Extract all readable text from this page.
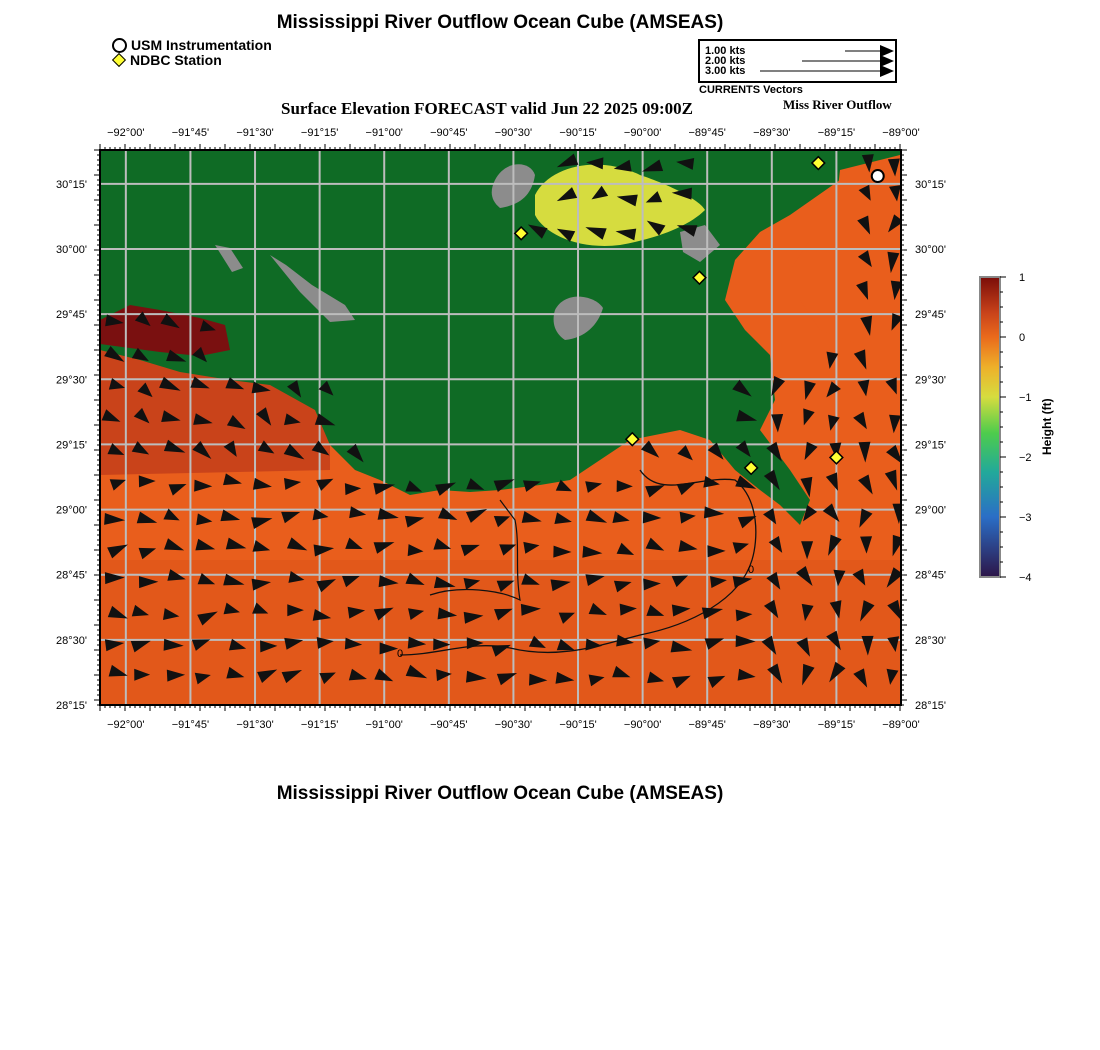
Mississippi River Outflow Ocean Cube (AMSEAS)
USM Instrumentation
NDBC Station
1.00 kts
2.00 kts
3.00 kts
CURRENTS Vectors
Surface Elevation FORECAST valid Jun 22 2025 09:00Z	Miss River Outflow
0
0
−92°00'
−92°00'
−91°45'
−91°45'
−91°30'
−91°30'
−91°15'
−91°15'
−91°00'
−91°00'
−90°45'
−90°45'
−90°30'
−90°30'
−90°15'
−90°15'
−90°00'
−90°00'
−89°45'
−89°45'
−89°30'
−89°30'
−89°15'
−89°15'
−89°00'
−89°00'
30°15'	30°15'
30°00'	30°00'
29°45'	29°45'
29°30'	29°30'
29°15'	29°15'
29°00'	29°00'
28°45'	28°45'
28°30'	28°30'
28°15'	28°15'
1
0
−1
−2
−3
−4
Height (ft)
Mississippi River Outflow Ocean Cube (AMSEAS)
